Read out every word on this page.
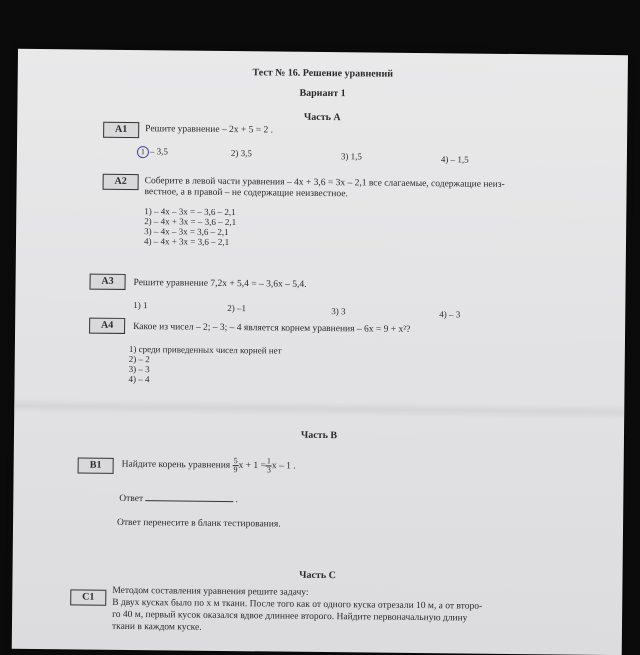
Тест № 16. Решение уравнений
Вариант 1
Часть А
А1	Решите уравнение – 2x + 5 = 2 .
1 – 3,5	2) 3,5	3) 1,5	4) – 1,5
А2	Соберите в левой части уравнения – 4x + 3,6 = 3x – 2,1 все слагаемые, содержащие неиз-
вестное, а в правой – не содержащие неизвестное.
1) – 4x – 3x = – 3,6 – 2,1
2) – 4x + 3x = – 3,6 – 2,1
3) – 4x – 3x = 3,6 – 2,1
4) – 4x + 3x = 3,6 – 2,1
А3	Решите уравнение 7,2x + 5,4 = – 3,6x – 5,4.
1) 1	2) –1	3) 3	4) – 3
А4	Какое из чисел – 2; – 3; – 4 является корнем уравнения – 6x = 9 + x²?
1) среди приведенных чисел корней нет
2) – 2
3) – 3
4) – 4
Часть В
В1	Найдите корень уравнения $\frac{5}{9}$ $x + 1 = \frac{1}{3}$ x – 1 .
Ответ	.
Ответ перенесите в бланк тестирования.
Часть С
С1	Методом составления уравнения решите задачу:
В двух кусках было по x м ткани. После того как от одного куска отрезали 10 м, а от второ-
го 40 м, первый кусок оказался вдвое длиннее второго. Найдите первоначальную длину
ткани в каждом куске.
